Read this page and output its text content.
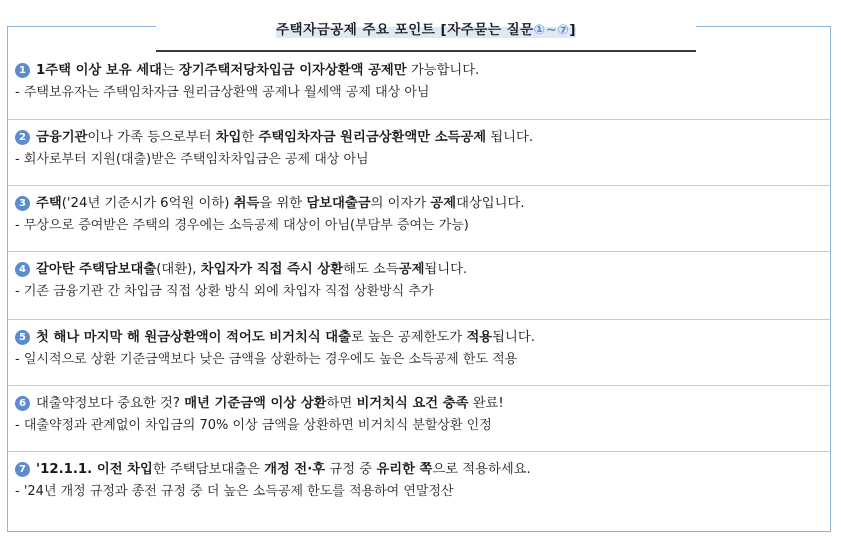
주택자금공제 주요 포인트 [자주묻는 질문①~⑦]
1 1주택 이상 보유 세대는 장기주택저당차입금 이자상환액 공제만 가능합니다.
- 주택보유자는 주택임차자금 원리금상환액 공제나 월세액 공제 대상 아님
2 금융기관이나 가족 등으로부터 차입한 주택임차자금 원리금상환액만 소득공제 됩니다.
- 회사로부터 지원(대출)받은 주택임차차입금은 공제 대상 아님
3 주택('24년 기준시가 6억원 이하) 취득을 위한 담보대출금의 이자가 공제대상입니다.
- 무상으로 증여받은 주택의 경우에는 소득공제 대상이 아님(부담부 증여는 가능)
4 갈아탄 주택담보대출(대환), 차입자가 직접 즉시 상환해도 소득공제됩니다.
- 기존 금융기관 간 차입금 직접 상환 방식 외에 차입자 직접 상환방식 추가
5 첫 해나 마지막 해 원금상환액이 적어도 비거치식 대출로 높은 공제한도가 적용됩니다.
- 일시적으로 상환 기준금액보다 낮은 금액을 상환하는 경우에도 높은 소득공제 한도 적용
6 대출약정보다 중요한 것? 매년 기준금액 이상 상환하면 비거치식 요건 충족 완료!
- 대출약정과 관계없이 차입금의 70% 이상 금액을 상환하면 비거치식 분할상환 인정
7 '12.1.1. 이전 차입한 주택담보대출은 개정 전·후 규정 중 유리한 쪽으로 적용하세요.
- '24년 개정 규정과 종전 규정 중 더 높은 소득공제 한도를 적용하여 연말정산
